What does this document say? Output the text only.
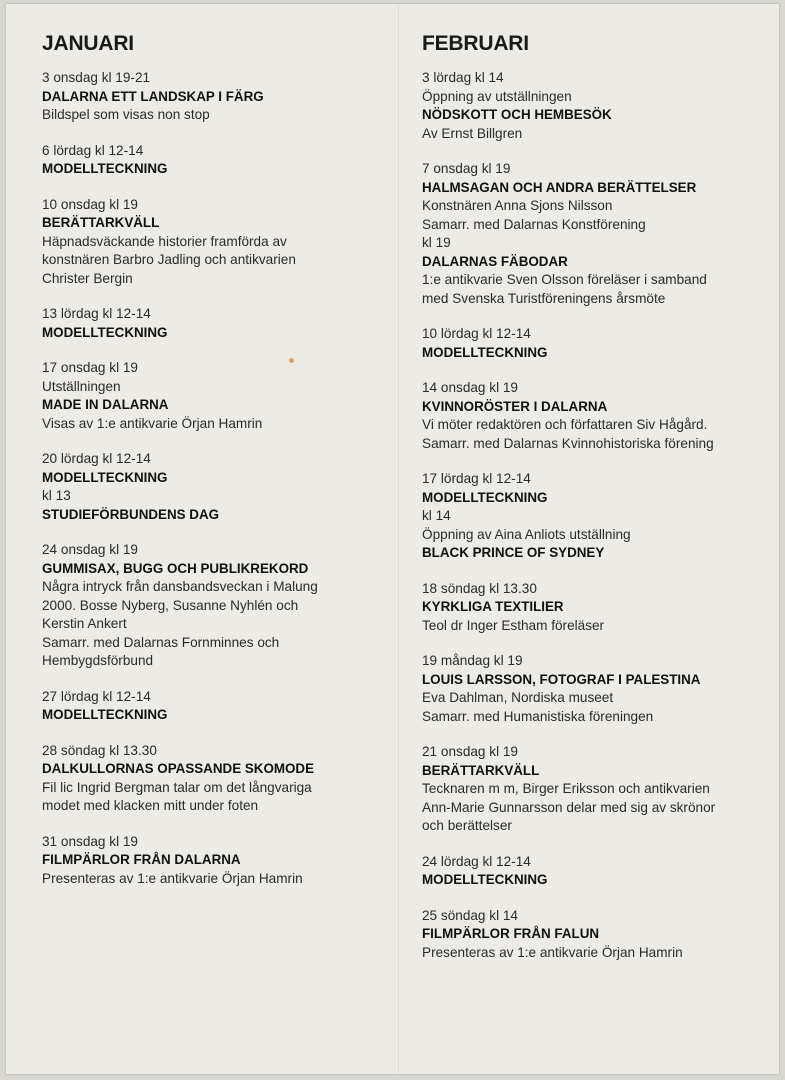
JANUARI
3 onsdag kl 19-21
DALARNA ETT LANDSKAP I FÄRG
Bildspel som visas non stop
6 lördag kl 12-14
MODELLTECKNING
10 onsdag kl 19
BERÄTTARKVÄLL
Häpnadsväckande historier framförda av
konstnären Barbro Jadling och antikvarien
Christer Bergin
13 lördag kl 12-14
MODELLTECKNING
17 onsdag kl 19
Utställningen
MADE IN DALARNA
Visas av 1:e antikvarie Örjan Hamrin
20 lördag kl 12-14
MODELLTECKNING
kl 13
STUDIEFÖRBUNDENS DAG
24 onsdag kl 19
GUMMISAX, BUGG OCH PUBLIKREKORD
Några intryck från dansbandsveckan i Malung
2000. Bosse Nyberg, Susanne Nyhlén och
Kerstin Ankert
Samarr. med Dalarnas Fornminnes och
Hembygdsförbund
27 lördag kl 12-14
MODELLTECKNING
28 söndag kl 13.30
DALKULLORNAS OPASSANDE SKOMODE
Fil lic Ingrid Bergman talar om det långvariga
modet med klacken mitt under foten
31 onsdag kl 19
FILMPÄRLOR FRÅN DALARNA
Presenteras av 1:e antikvarie Örjan Hamrin
FEBRUARI
3 lördag kl 14
Öppning av utställningen
NÖDSKOTT OCH HEMBESÖK
Av Ernst Billgren
7 onsdag kl 19
HALMSAGAN OCH ANDRA BERÄTTELSER
Konstnären Anna Sjons Nilsson
Samarr. med Dalarnas Konstförening
kl 19
DALARNAS FÄBODAR
1:e antikvarie Sven Olsson föreläser i samband
med Svenska Turistföreningens årsmöte
10 lördag kl 12-14
MODELLTECKNING
14 onsdag kl 19
KVINNORÖSTER I DALARNA
Vi möter redaktören och författaren Siv Hågård.
Samarr. med Dalarnas Kvinnohistoriska förening
17 lördag kl 12-14
MODELLTECKNING
kl 14
Öppning av Aina Anliots utställning
BLACK PRINCE OF SYDNEY
18 söndag kl 13.30
KYRKLIGA TEXTILIER
Teol dr Inger Estham föreläser
19 måndag kl 19
LOUIS LARSSON, FOTOGRAF I PALESTINA
Eva Dahlman, Nordiska museet
Samarr. med Humanistiska föreningen
21 onsdag kl 19
BERÄTTARKVÄLL
Tecknaren m m, Birger Eriksson och antikvarien
Ann-Marie Gunnarsson delar med sig av skrönor
och berättelser
24 lördag kl 12-14
MODELLTECKNING
25 söndag kl 14
FILMPÄRLOR FRÅN FALUN
Presenteras av 1:e antikvarie Örjan Hamrin
